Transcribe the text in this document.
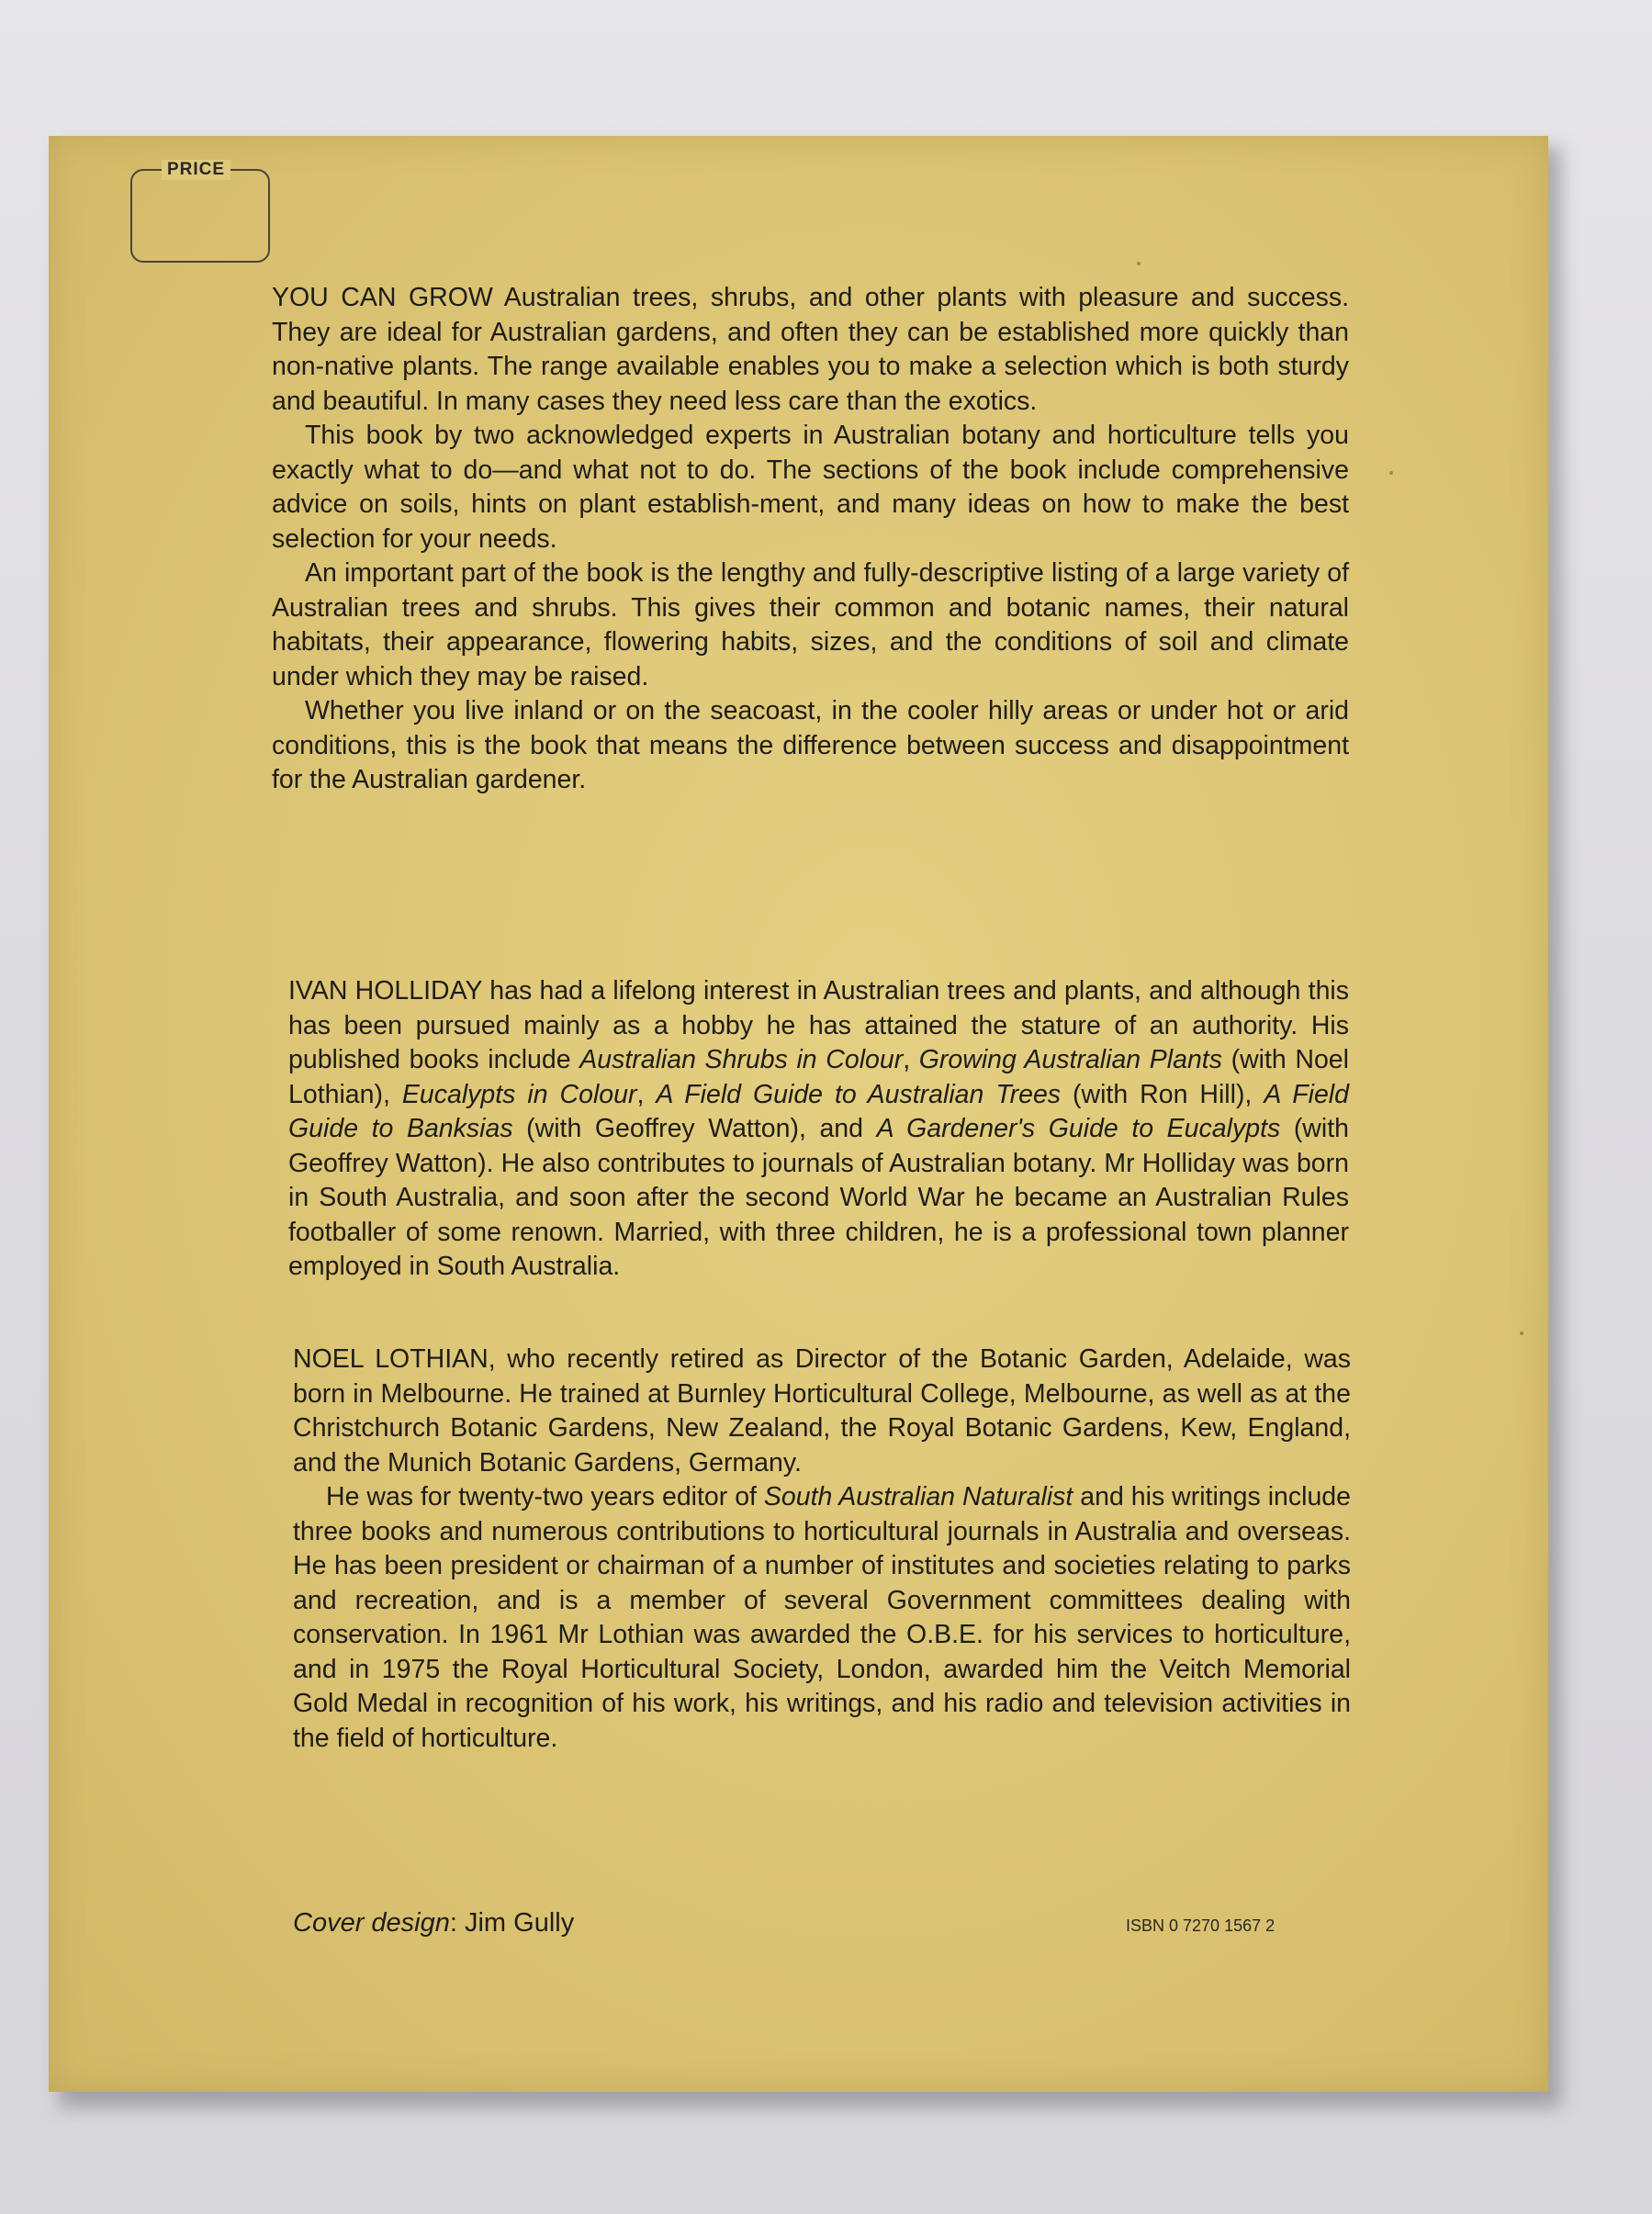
PRICE
YOU CAN GROW Australian trees, shrubs, and other plants with pleasure and success. They are ideal for Australian gardens, and often they can be established more quickly than non-native plants. The range available enables you to make a selection which is both sturdy and beautiful. In many cases they need less care than the exotics.
This book by two acknowledged experts in Australian botany and horticulture tells you exactly what to do—and what not to do. The sections of the book include comprehensive advice on soils, hints on plant establish-ment, and many ideas on how to make the best selection for your needs.
An important part of the book is the lengthy and fully-descriptive listing of a large variety of Australian trees and shrubs. This gives their common and botanic names, their natural habitats, their appearance, flowering habits, sizes, and the conditions of soil and climate under which they may be raised.
Whether you live inland or on the seacoast, in the cooler hilly areas or under hot or arid conditions, this is the book that means the difference between success and disappointment for the Australian gardener.
IVAN HOLLIDAY has had a lifelong interest in Australian trees and plants, and although this has been pursued mainly as a hobby he has attained the stature of an authority. His published books include Australian Shrubs in Colour, Growing Australian Plants (with Noel Lothian), Eucalypts in Colour, A Field Guide to Australian Trees (with Ron Hill), A Field Guide to Banksias (with Geoffrey Watton), and A Gardener's Guide to Eucalypts (with Geoffrey Watton). He also contributes to journals of Australian botany. Mr Holliday was born in South Australia, and soon after the second World War he became an Australian Rules footballer of some renown. Married, with three children, he is a professional town planner employed in South Australia.
NOEL LOTHIAN, who recently retired as Director of the Botanic Garden, Adelaide, was born in Melbourne. He trained at Burnley Horticultural College, Melbourne, as well as at the Christchurch Botanic Gardens, New Zealand, the Royal Botanic Gardens, Kew, England, and the Munich Botanic Gardens, Germany.
He was for twenty-two years editor of South Australian Naturalist and his writings include three books and numerous contributions to horticultural journals in Australia and overseas. He has been president or chairman of a number of institutes and societies relating to parks and recreation, and is a member of several Government committees dealing with conservation. In 1961 Mr Lothian was awarded the O.B.E. for his services to horticulture, and in 1975 the Royal Horticultural Society, London, awarded him the Veitch Memorial Gold Medal in recognition of his work, his writings, and his radio and television activities in the field of horticulture.
Cover design: Jim Gully	ISBN 0 7270 1567 2
